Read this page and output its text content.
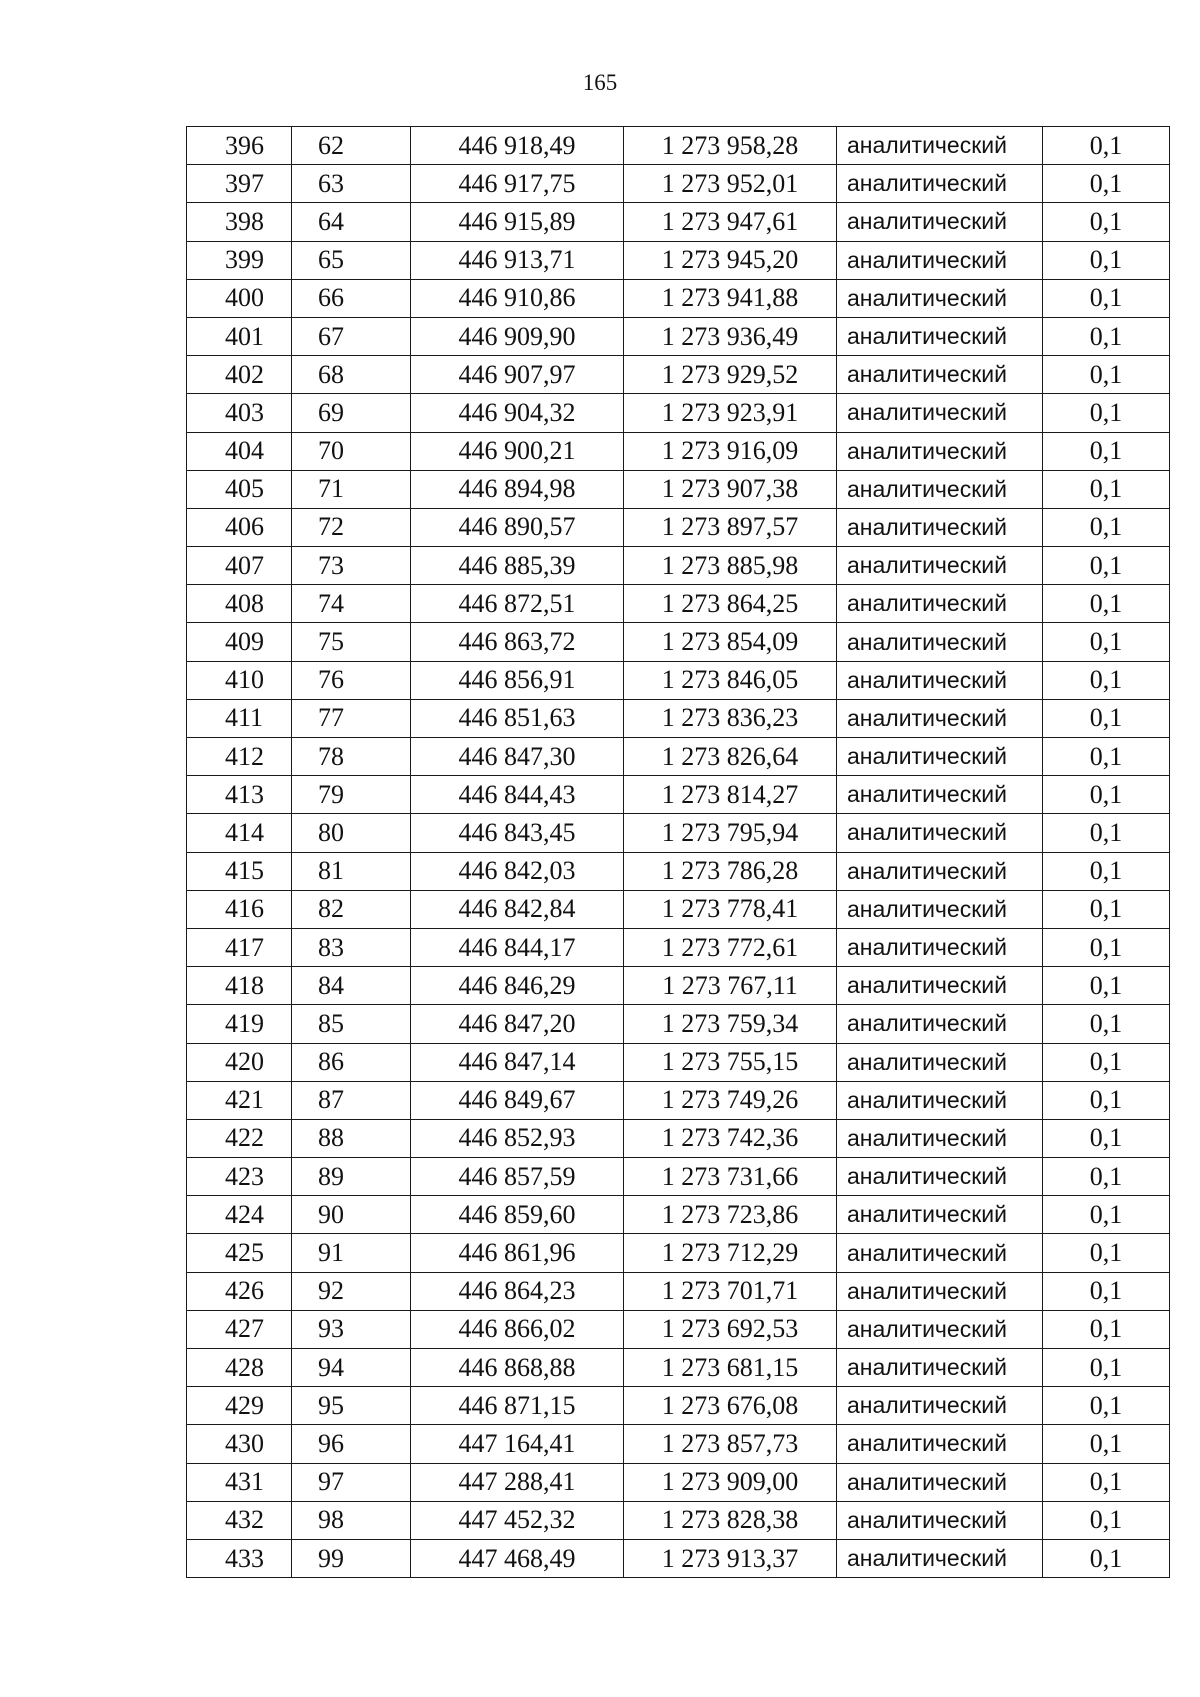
165
396	62	446 918,49	1 273 958,28	аналитический	0,1
397	63	446 917,75	1 273 952,01	аналитический	0,1
398	64	446 915,89	1 273 947,61	аналитический	0,1
399	65	446 913,71	1 273 945,20	аналитический	0,1
400	66	446 910,86	1 273 941,88	аналитический	0,1
401	67	446 909,90	1 273 936,49	аналитический	0,1
402	68	446 907,97	1 273 929,52	аналитический	0,1
403	69	446 904,32	1 273 923,91	аналитический	0,1
404	70	446 900,21	1 273 916,09	аналитический	0,1
405	71	446 894,98	1 273 907,38	аналитический	0,1
406	72	446 890,57	1 273 897,57	аналитический	0,1
407	73	446 885,39	1 273 885,98	аналитический	0,1
408	74	446 872,51	1 273 864,25	аналитический	0,1
409	75	446 863,72	1 273 854,09	аналитический	0,1
410	76	446 856,91	1 273 846,05	аналитический	0,1
411	77	446 851,63	1 273 836,23	аналитический	0,1
412	78	446 847,30	1 273 826,64	аналитический	0,1
413	79	446 844,43	1 273 814,27	аналитический	0,1
414	80	446 843,45	1 273 795,94	аналитический	0,1
415	81	446 842,03	1 273 786,28	аналитический	0,1
416	82	446 842,84	1 273 778,41	аналитический	0,1
417	83	446 844,17	1 273 772,61	аналитический	0,1
418	84	446 846,29	1 273 767,11	аналитический	0,1
419	85	446 847,20	1 273 759,34	аналитический	0,1
420	86	446 847,14	1 273 755,15	аналитический	0,1
421	87	446 849,67	1 273 749,26	аналитический	0,1
422	88	446 852,93	1 273 742,36	аналитический	0,1
423	89	446 857,59	1 273 731,66	аналитический	0,1
424	90	446 859,60	1 273 723,86	аналитический	0,1
425	91	446 861,96	1 273 712,29	аналитический	0,1
426	92	446 864,23	1 273 701,71	аналитический	0,1
427	93	446 866,02	1 273 692,53	аналитический	0,1
428	94	446 868,88	1 273 681,15	аналитический	0,1
429	95	446 871,15	1 273 676,08	аналитический	0,1
430	96	447 164,41	1 273 857,73	аналитический	0,1
431	97	447 288,41	1 273 909,00	аналитический	0,1
432	98	447 452,32	1 273 828,38	аналитический	0,1
433	99	447 468,49	1 273 913,37	аналитический	0,1
